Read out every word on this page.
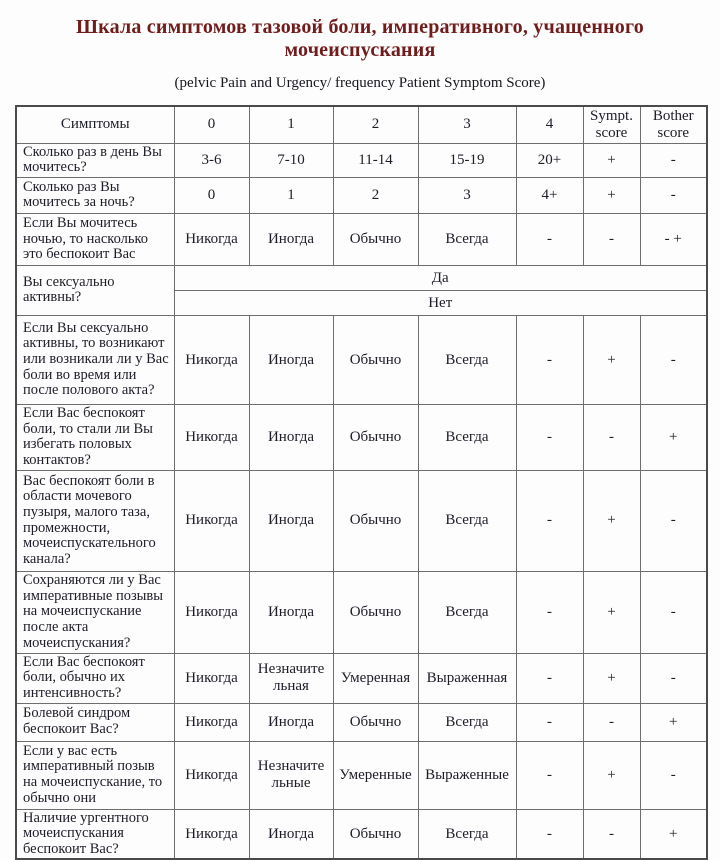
Шкала симптомов тазовой боли, императивного, учащенного мочеиспускания
(pelvic Pain and Urgency/ frequency Patient Symptom Score)
Симптомы	0	1	2	3	4	Sympt. score	Bother score
Сколько раз в день Вы мочитесь?	3-6	7-10	11-14	15-19	20+	+	-
Сколько раз Вы мочитесь за ночь?	0	1	2	3	4+	+	-
Если Вы мочитесь ночью, то насколько это беспокоит Вас	Никогда	Иногда	Обычно	Всегда	-	-	- +
Вы сексуально активны?	Да						
	Нет						
Если Вы сексуально активны, то возникают или возникали ли у Вас боли во время или после полового акта?	Никогда	Иногда	Обычно	Всегда	-	+	-
Если Вас беспокоят боли, то стали ли Вы избегать половых контактов?	Никогда	Иногда	Обычно	Всегда	-	-	+
Вас беспокоят боли в области мочевого пузыря, малого таза, промежности, мочеиспускательного канала?	Никогда	Иногда	Обычно	Всегда	-	+	-
Сохраняются ли у Вас императивные позывы на мочеиспускание после акта мочеиспускания?	Никогда	Иногда	Обычно	Всегда	-	+	-
Если Вас беспокоят боли, обычно их интенсивность?	Никогда	Незначите льная	Умеренная	Выраженная	-	+	-
Болевой синдром беспокоит Вас?	Никогда	Иногда	Обычно	Всегда	-	-	+
Если у вас есть императивный позыв на мочеиспускание, то обычно они	Никогда	Незначите льные	Умеренные	Выраженные	-	+	-
Наличие ургентного мочеиспускания беспокоит Вас?	Никогда	Иногда	Обычно	Всегда	-	-	+
